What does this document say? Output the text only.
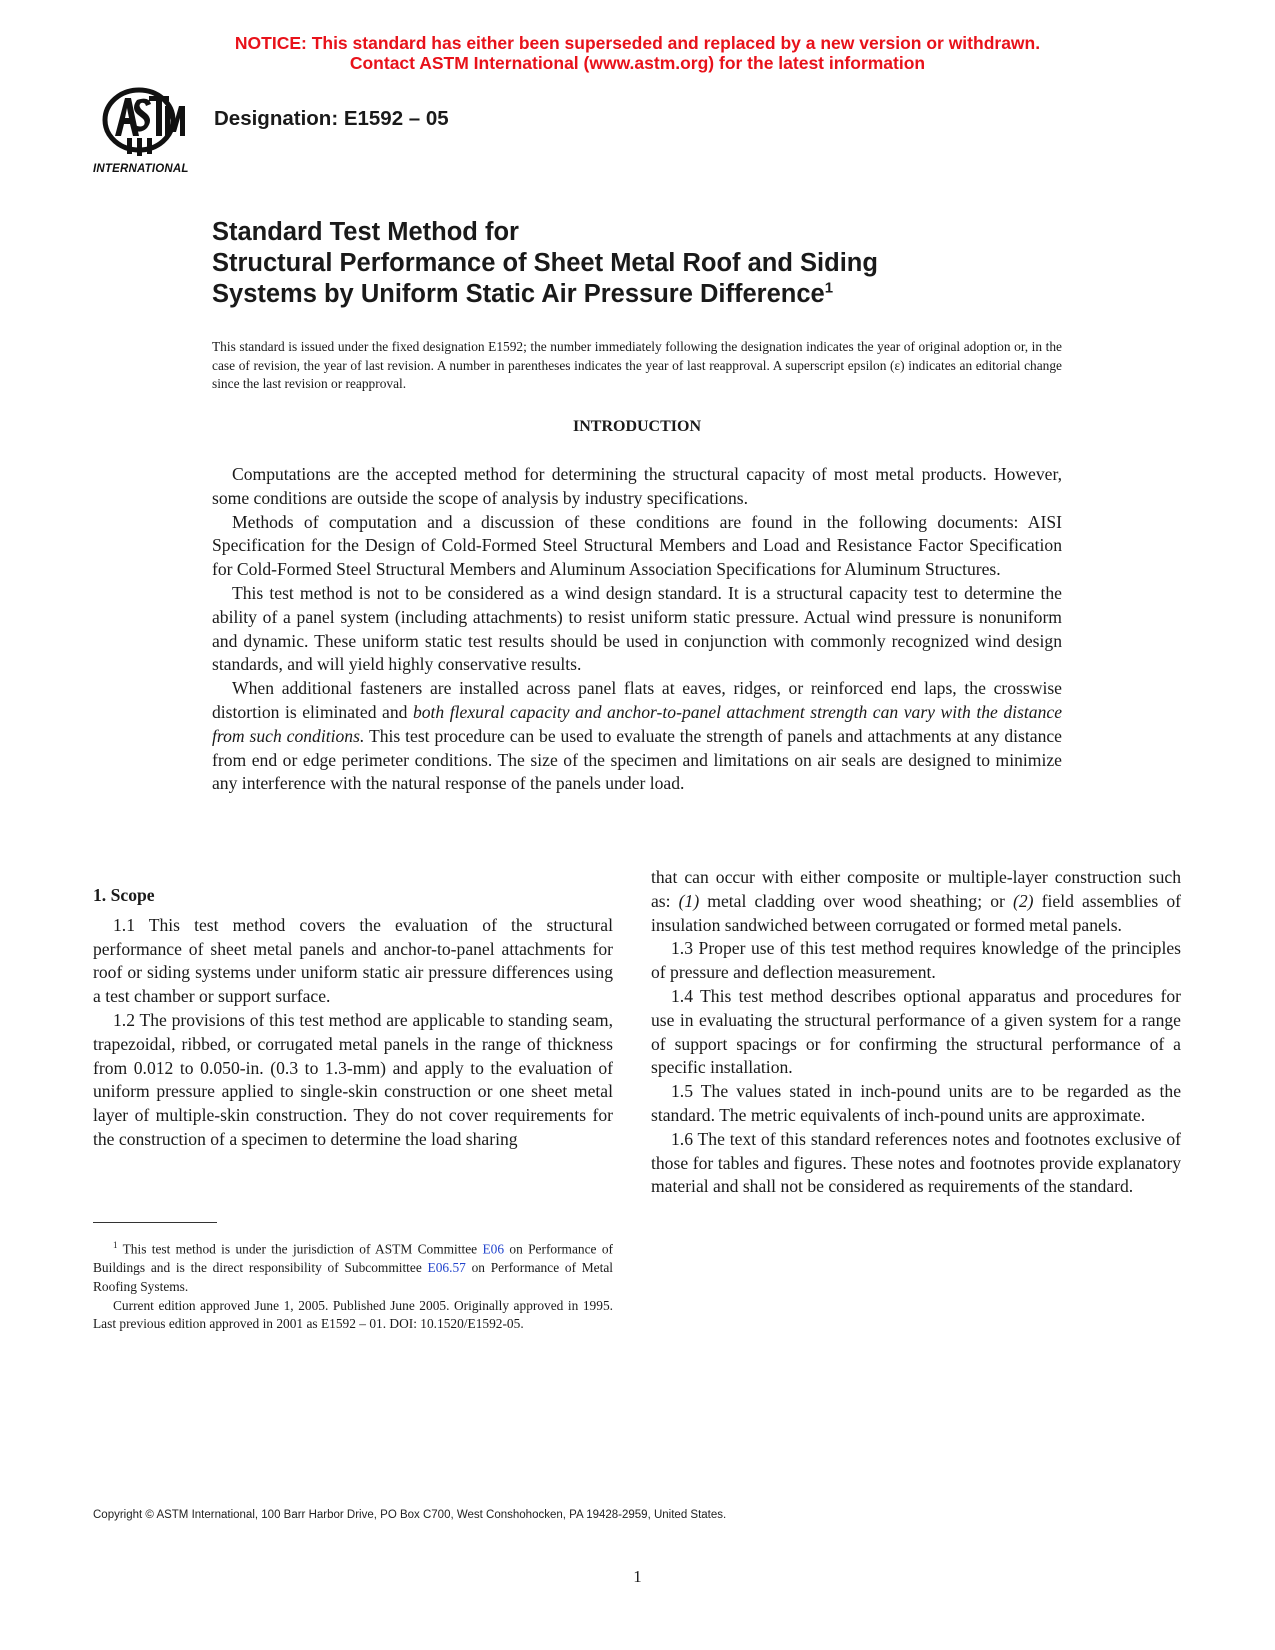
NOTICE: This standard has either been superseded and replaced by a new version or withdrawn.
Contact ASTM International (www.astm.org) for the latest information
INTERNATIONAL
Designation: E1592 – 05
Standard Test Method for
Structural Performance of Sheet Metal Roof and Siding
Systems by Uniform Static Air Pressure Difference$^1$
This standard is issued under the fixed designation E1592; the number immediately following the designation indicates the year of original adoption or, in the case of revision, the year of last revision. A number in parentheses indicates the year of last reapproval. A superscript epsilon (ε) indicates an editorial change since the last revision or reapproval.
INTRODUCTION

Computations are the accepted method for determining the structural capacity of most metal products. However, some conditions are outside the scope of analysis by industry specifications.

Methods of computation and a discussion of these conditions are found in the following documents: AISI Specification for the Design of Cold-Formed Steel Structural Members and Load and Resistance Factor Specification for Cold-Formed Steel Structural Members and Aluminum Association Specifications for Aluminum Structures.

This test method is not to be considered as a wind design standard. It is a structural capacity test to determine the ability of a panel system (including attachments) to resist uniform static pressure. Actual wind pressure is nonuniform and dynamic. These uniform static test results should be used in conjunction with commonly recognized wind design standards, and will yield highly conservative results.

When additional fasteners are installed across panel flats at eaves, ridges, or reinforced end laps, the crosswise distortion is eliminated and both flexural capacity and anchor-to-panel attachment strength can vary with the distance from such conditions. This test procedure can be used to evaluate the strength of panels and attachments at any distance from end or edge perimeter conditions. The size of the specimen and limitations on air seals are designed to minimize any interference with the natural response of the panels under load.

1. Scope

1.1 This test method covers the evaluation of the structural performance of sheet metal panels and anchor-to-panel attachments for roof or siding systems under uniform static air pressure differences using a test chamber or support surface.

1.2 The provisions of this test method are applicable to standing seam, trapezoidal, ribbed, or corrugated metal panels in the range of thickness from 0.012 to 0.050-in. (0.3 to 1.3-mm) and apply to the evaluation of uniform pressure applied to single-skin construction or one sheet metal layer of multiple-skin construction. They do not cover requirements for the construction of a specimen to determine the load sharing

that can occur with either composite or multiple-layer construction such as: (1) metal cladding over wood sheathing; or (2) field assemblies of insulation sandwiched between corrugated or formed metal panels.

1.3 Proper use of this test method requires knowledge of the principles of pressure and deflection measurement.

1.4 This test method describes optional apparatus and procedures for use in evaluating the structural performance of a given system for a range of support spacings or for confirming the structural performance of a specific installation.

1.5 The values stated in inch-pound units are to be regarded as the standard. The metric equivalents of inch-pound units are approximate.

1.6 The text of this standard references notes and footnotes exclusive of those for tables and figures. These notes and footnotes provide explanatory material and shall not be considered as requirements of the standard.

$^1$ This test method is under the jurisdiction of ASTM Committee E06 on Performance of Buildings and is the direct responsibility of Subcommittee E06.57 on Performance of Metal Roofing Systems.

Current edition approved June 1, 2005. Published June 2005. Originally approved in 1995. Last previous edition approved in 2001 as E1592 – 01. DOI: 10.1520/E1592-05.

Copyright © ASTM International, 100 Barr Harbor Drive, PO Box C700, West Conshohocken, PA 19428-2959, United States.
1
